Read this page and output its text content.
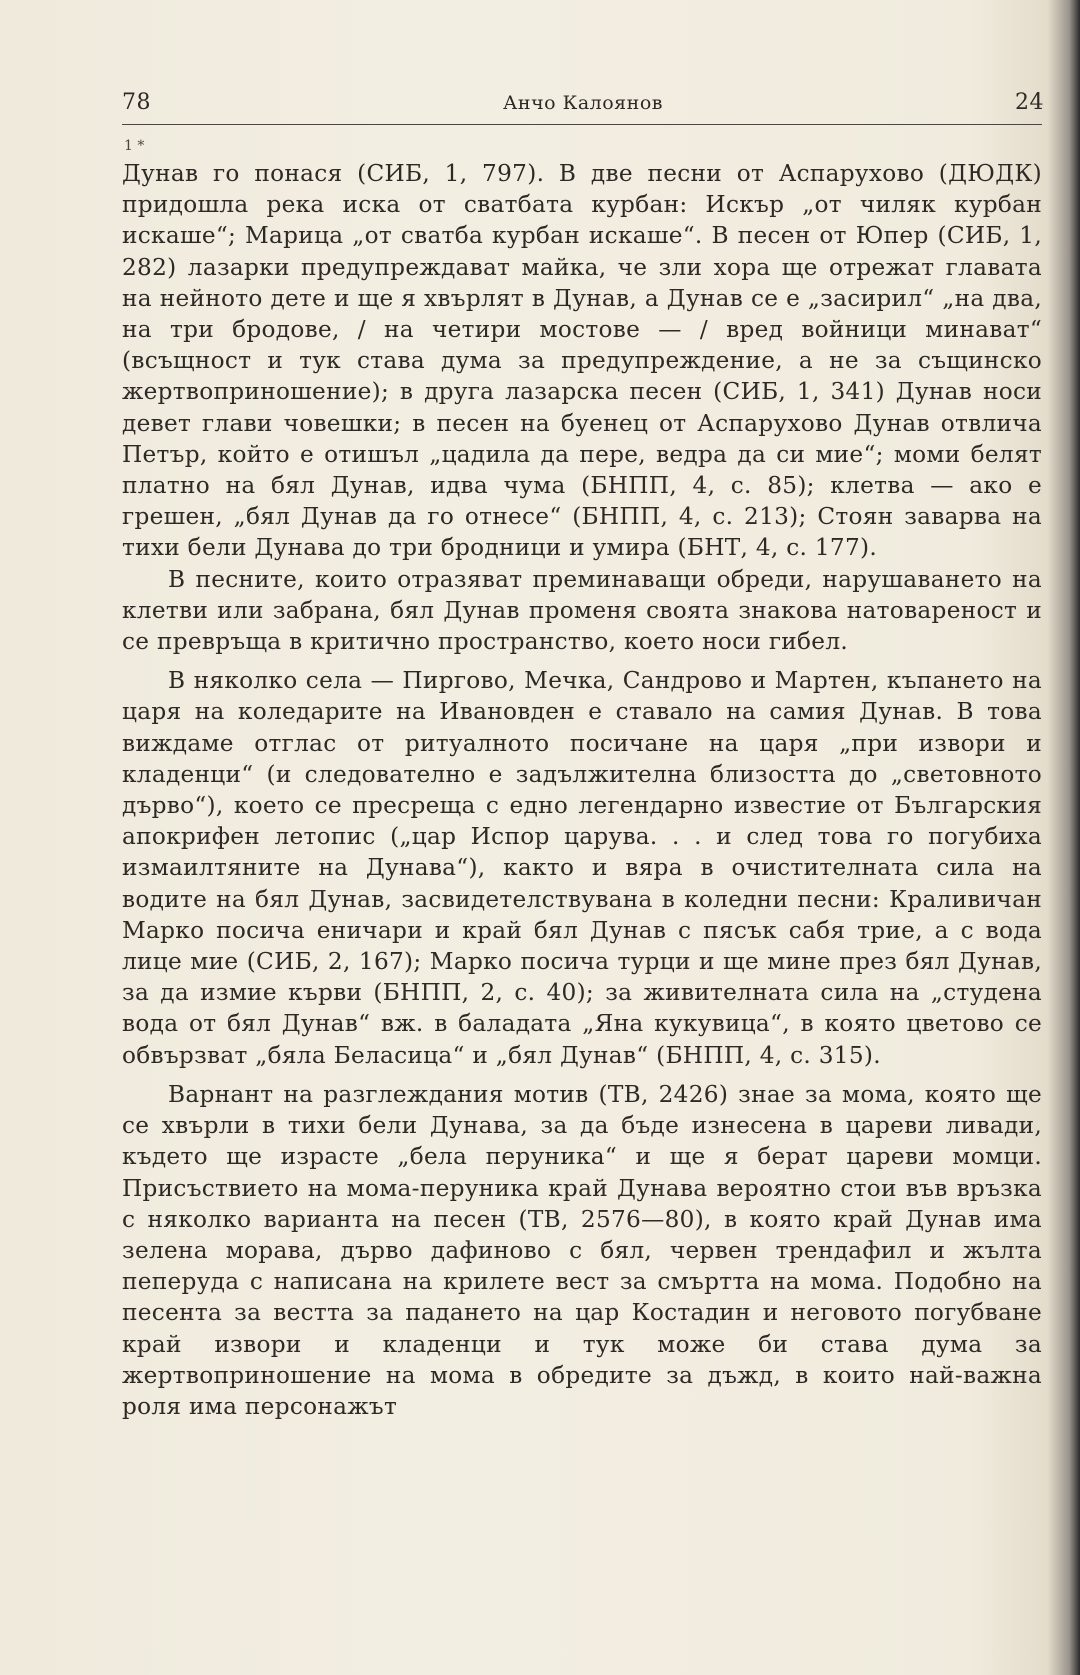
78	Анчо Калоянов	24
1 *

Дунав го понася (СИБ, 1, 797). В две песни от Аспарухово (ДЮДК) придошла река иска от сватбата курбан: Искър „от чиляк курбан искаше“; Марица „от сватба курбан искаше“. В песен от Юпер (СИБ, 1, 282) лазарки предупреждават майка, че зли хора ще отрежат главата на нейното дете и ще я хвърлят в Дунав, а Дунав се е „засирил“ „на два, на три бродове, / на четири мостове — / вред войници минават“ (всъщност и тук става дума за предупреждение, а не за същинско жертвоприношение); в друга лазарска песен (СИБ, 1, 341) Дунав носи девет глави човешки; в песен на буенец от Аспарухово Дунав отвлича Петър, който е отишъл „цадила да пере, ведра да си мие“; моми белят платно на бял Дунав, идва чума (БНПП, 4, с. 85); клетва — ако е грешен, „бял Дунав да го отнесе“ (БНПП, 4, с. 213); Стоян заварва на тихи бели Дунава до три бродници и умира (БНТ, 4, с. 177).

В песните, които отразяват преминаващи обреди, нарушаването на клетви или забрана, бял Дунав променя своята знакова натовареност и се превръща в критично пространство, което носи гибел.

В няколко села — Пиргово, Мечка, Сандрово и Мартен, къпането на царя на коледарите на Ивановден е ставало на самия Дунав. В това виждаме отглас от ритуалното посичане на царя „при извори и кладенци“ (и следователно е задължителна близостта до „световното дърво“), което се пресреща с едно легендарно известие от Българския апокрифен летопис („цар Испор царува. . . и след това го погубиха измаилтяните на Дунава“), както и вяра в очистителната сила на водите на бял Дунав, засвидетелствувана в коледни песни: Краливичан Марко посича еничари и край бял Дунав с пясък сабя трие, а с вода лице мие (СИБ, 2, 167); Марко посича турци и ще мине през бял Дунав, за да измие кърви (БНПП, 2, с. 40); за живителната сила на „студена вода от бял Дунав“ вж. в баладата „Яна кукувица“, в която цветово се обвързват „бяла Беласица“ и „бял Дунав“ (БНПП, 4, с. 315).

Варнант на разглеждания мотив (ТВ, 2426) знае за мома, която ще се хвърли в тихи бели Дунава, за да бъде изнесена в цареви ливади, където ще израсте „бела перуника“ и ще я берат цареви момци. Присъствието на мома-перуника край Дунава вероятно стои във връзка с няколко варианта на песен (ТВ, 2576—80), в която край Дунав има зелена морава, дърво дафиново с бял, червен трендафил и жълта пеперуда с написана на крилете вест за смъртта на мома. Подобно на песента за вестта за падането на цар Костадин и неговото погубване край извори и кладенци и тук може би става дума за жертвоприношение на мома в обредите за дъжд, в които най-важна роля има персонажът
